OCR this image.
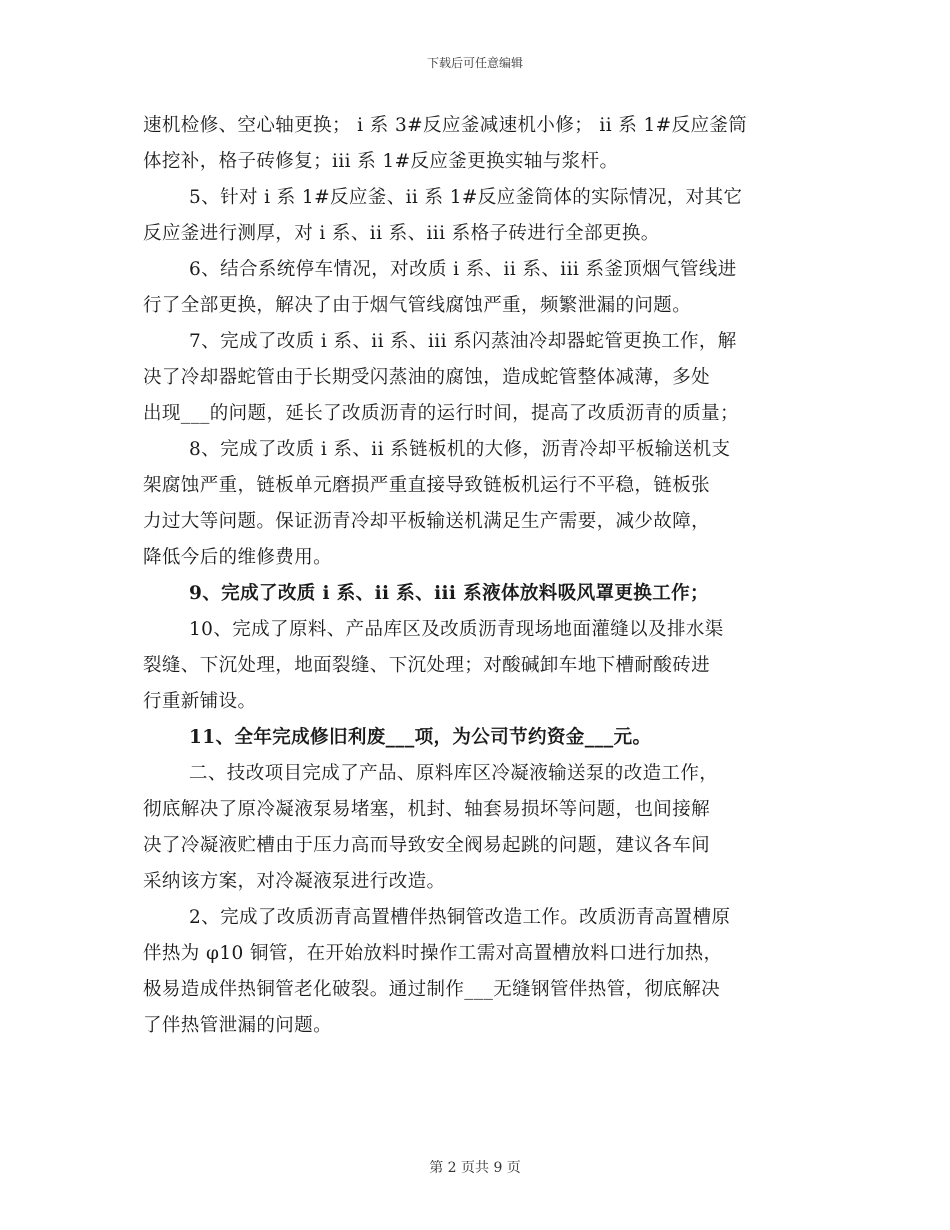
下载后可任意编辑
速机检修、空心轴更换； i 系 3#反应釜减速机小修； ii 系 1#反应釜筒
体挖补，格子砖修复；iii 系 1#反应釜更换实轴与浆杆。
5、针对 i 系 1#反应釜、ii 系 1#反应釜筒体的实际情况，对其它
反应釜进行测厚，对 i 系、ii 系、iii 系格子砖进行全部更换。
6、结合系统停车情况，对改质 i 系、ii 系、iii 系釜顶烟气管线进
行了全部更换，解决了由于烟气管线腐蚀严重，频繁泄漏的问题。
7、完成了改质 i 系、ii 系、iii 系闪蒸油冷却器蛇管更换工作，解
决了冷却器蛇管由于长期受闪蒸油的腐蚀，造成蛇管整体减薄，多处
出现___的问题，延长了改质沥青的运行时间，提高了改质沥青的质量；
8、完成了改质 i 系、ii 系链板机的大修，沥青冷却平板输送机支
架腐蚀严重，链板单元磨损严重直接导致链板机运行不平稳，链板张
力过大等问题。保证沥青冷却平板输送机满足生产需要，减少故障，
降低今后的维修费用。
9、完成了改质 i 系、ii 系、iii 系液体放料吸风罩更换工作；
10、完成了原料、产品库区及改质沥青现场地面灌缝以及排水渠
裂缝、下沉处理，地面裂缝、下沉处理；对酸碱卸车地下槽耐酸砖进
行重新铺设。
11、全年完成修旧利废___项，为公司节约资金___元。
二、技改项目完成了产品、原料库区冷凝液输送泵的改造工作，
彻底解决了原冷凝液泵易堵塞，机封、轴套易损坏等问题，也间接解
决了冷凝液贮槽由于压力高而导致安全阀易起跳的问题，建议各车间
采纳该方案，对冷凝液泵进行改造。
2、完成了改质沥青高置槽伴热铜管改造工作。改质沥青高置槽原
伴热为 φ10 铜管，在开始放料时操作工需对高置槽放料口进行加热，
极易造成伴热铜管老化破裂。通过制作___无缝钢管伴热管，彻底解决
了伴热管泄漏的问题。
第 2 页共 9 页
